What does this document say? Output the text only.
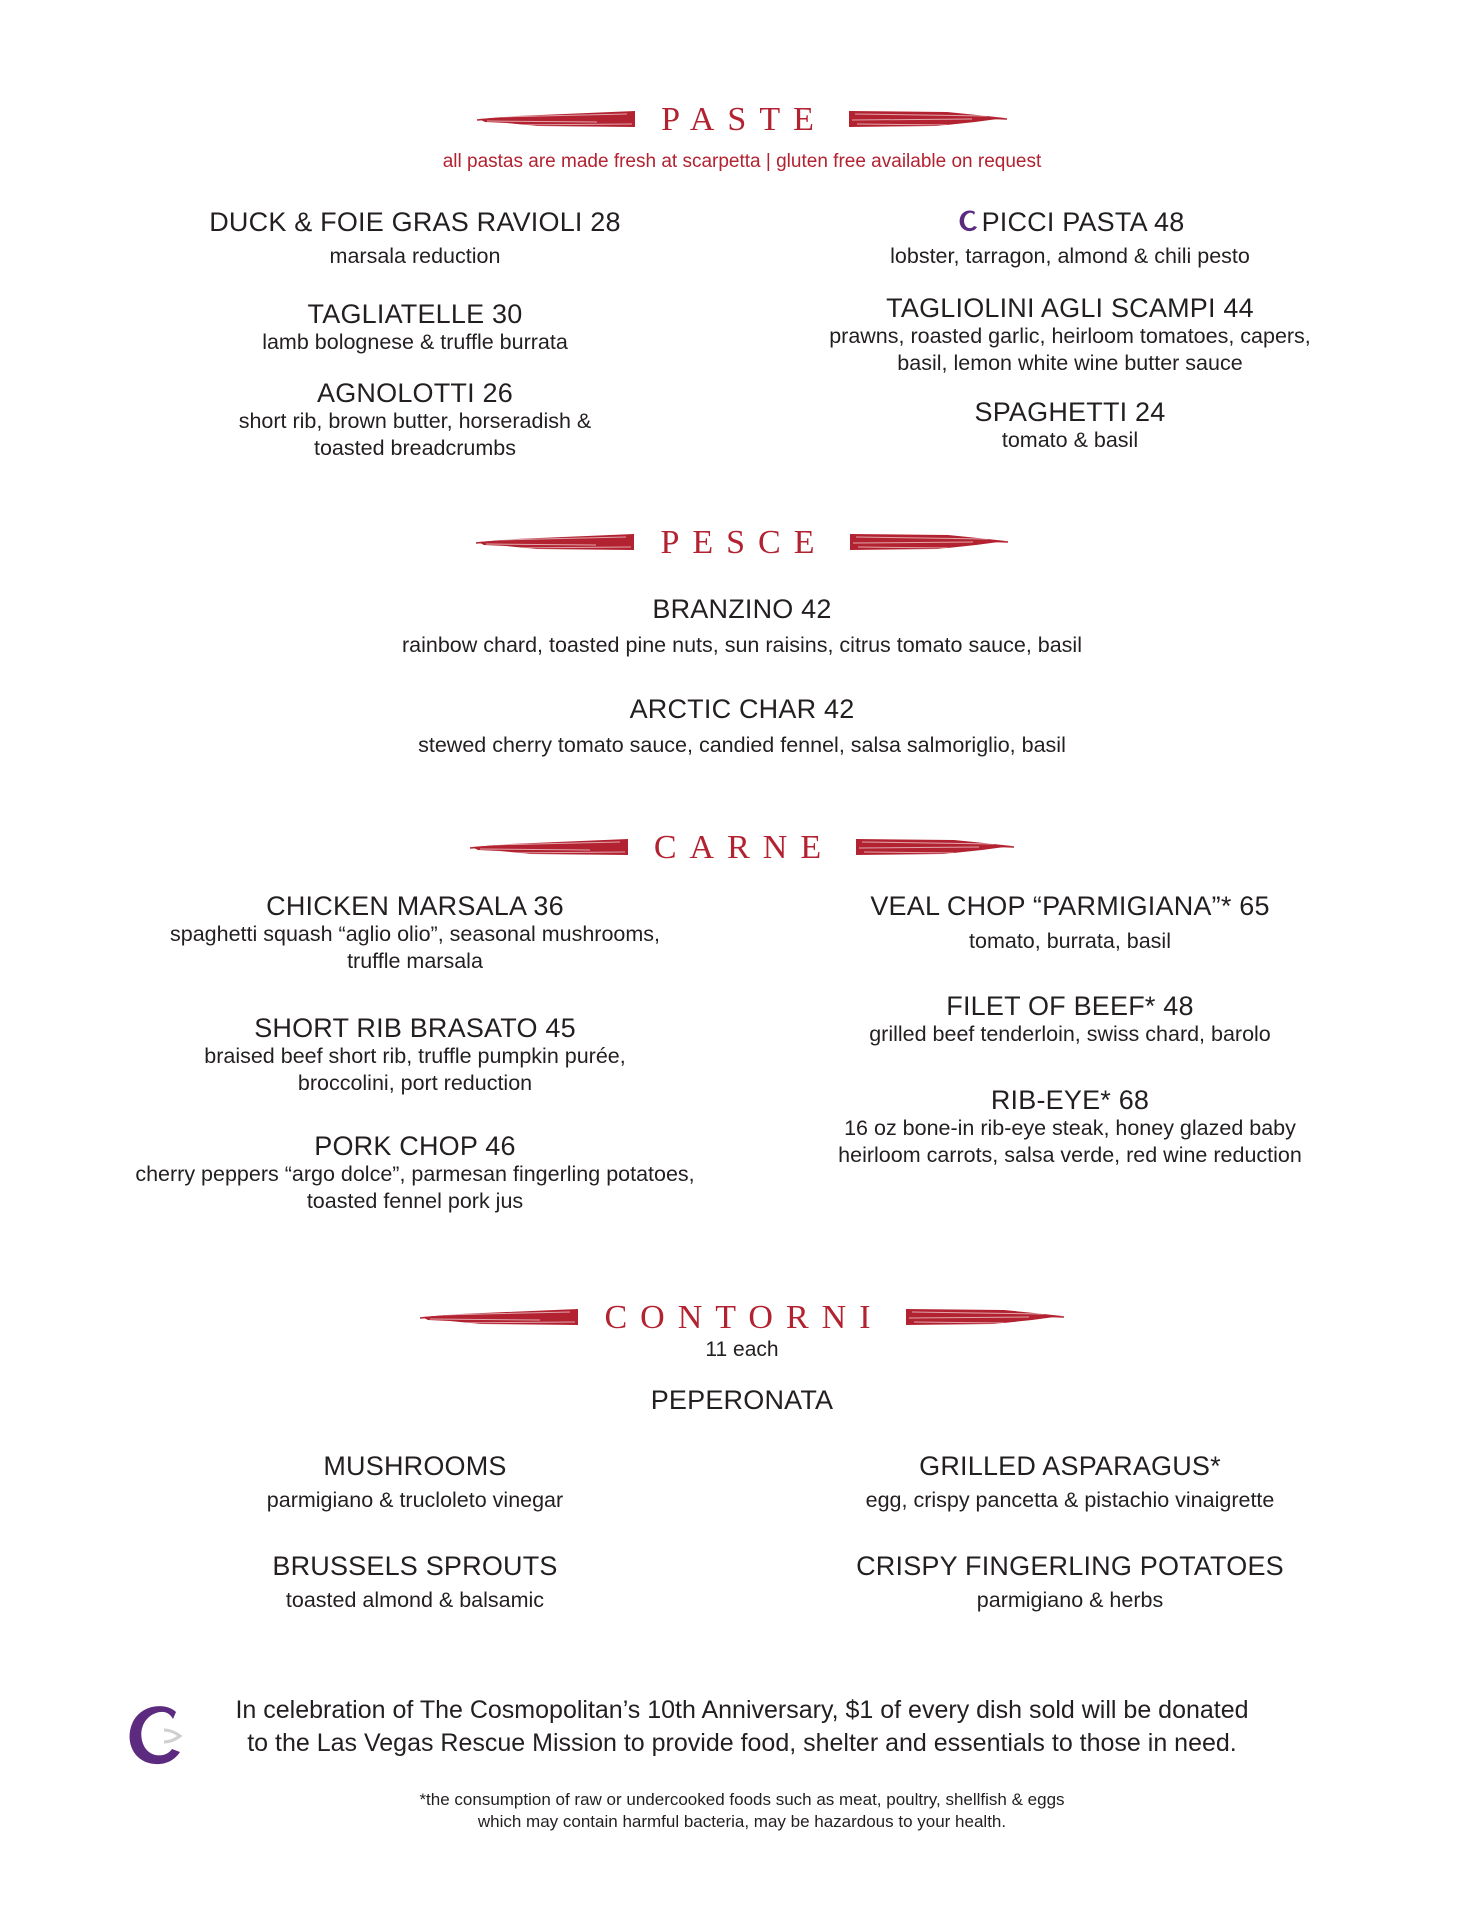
PASTE
all pastas are made fresh at scarpetta | gluten free available on request
DUCK & FOIE GRAS RAVIOLI 28
marsala reduction
TAGLIATELLE 30
lamb bolognese & truffle burrata
AGNOLOTTI 26
short rib, brown butter, horseradish &
toasted breadcrumbs
PICCI PASTA 48
lobster, tarragon, almond & chili pesto
TAGLIOLINI AGLI SCAMPI 44
prawns, roasted garlic, heirloom tomatoes, capers,
basil, lemon white wine butter sauce
SPAGHETTI 24
tomato & basil
PESCE
BRANZINO 42
rainbow chard, toasted pine nuts, sun raisins, citrus tomato sauce, basil
ARCTIC CHAR 42
stewed cherry tomato sauce, candied fennel, salsa salmoriglio, basil
CARNE
CHICKEN MARSALA 36
spaghetti squash “aglio olio”, seasonal mushrooms,
truffle marsala
SHORT RIB BRASATO 45
braised beef short rib, truffle pumpkin purée,
broccolini, port reduction
PORK CHOP 46
cherry peppers “argo dolce”, parmesan fingerling potatoes,
toasted fennel pork jus
VEAL CHOP “PARMIGIANA”* 65
tomato, burrata, basil
FILET OF BEEF* 48
grilled beef tenderloin, swiss chard, barolo
RIB-EYE* 68
16 oz bone-in rib-eye steak, honey glazed baby
heirloom carrots, salsa verde, red wine reduction
CONTORNI
11 each
PEPERONATA
MUSHROOMS
parmigiano & trucloleto vinegar
BRUSSELS SPROUTS
toasted almond & balsamic
GRILLED ASPARAGUS*
egg, crispy pancetta & pistachio vinaigrette
CRISPY FINGERLING POTATOES
parmigiano & herbs
In celebration of The Cosmopolitan’s 10th Anniversary, $1 of every dish sold will be donated
to the Las Vegas Rescue Mission to provide food, shelter and essentials to those in need.
*the consumption of raw or undercooked foods such as meat, poultry, shellfish & eggs
which may contain harmful bacteria, may be hazardous to your health.
